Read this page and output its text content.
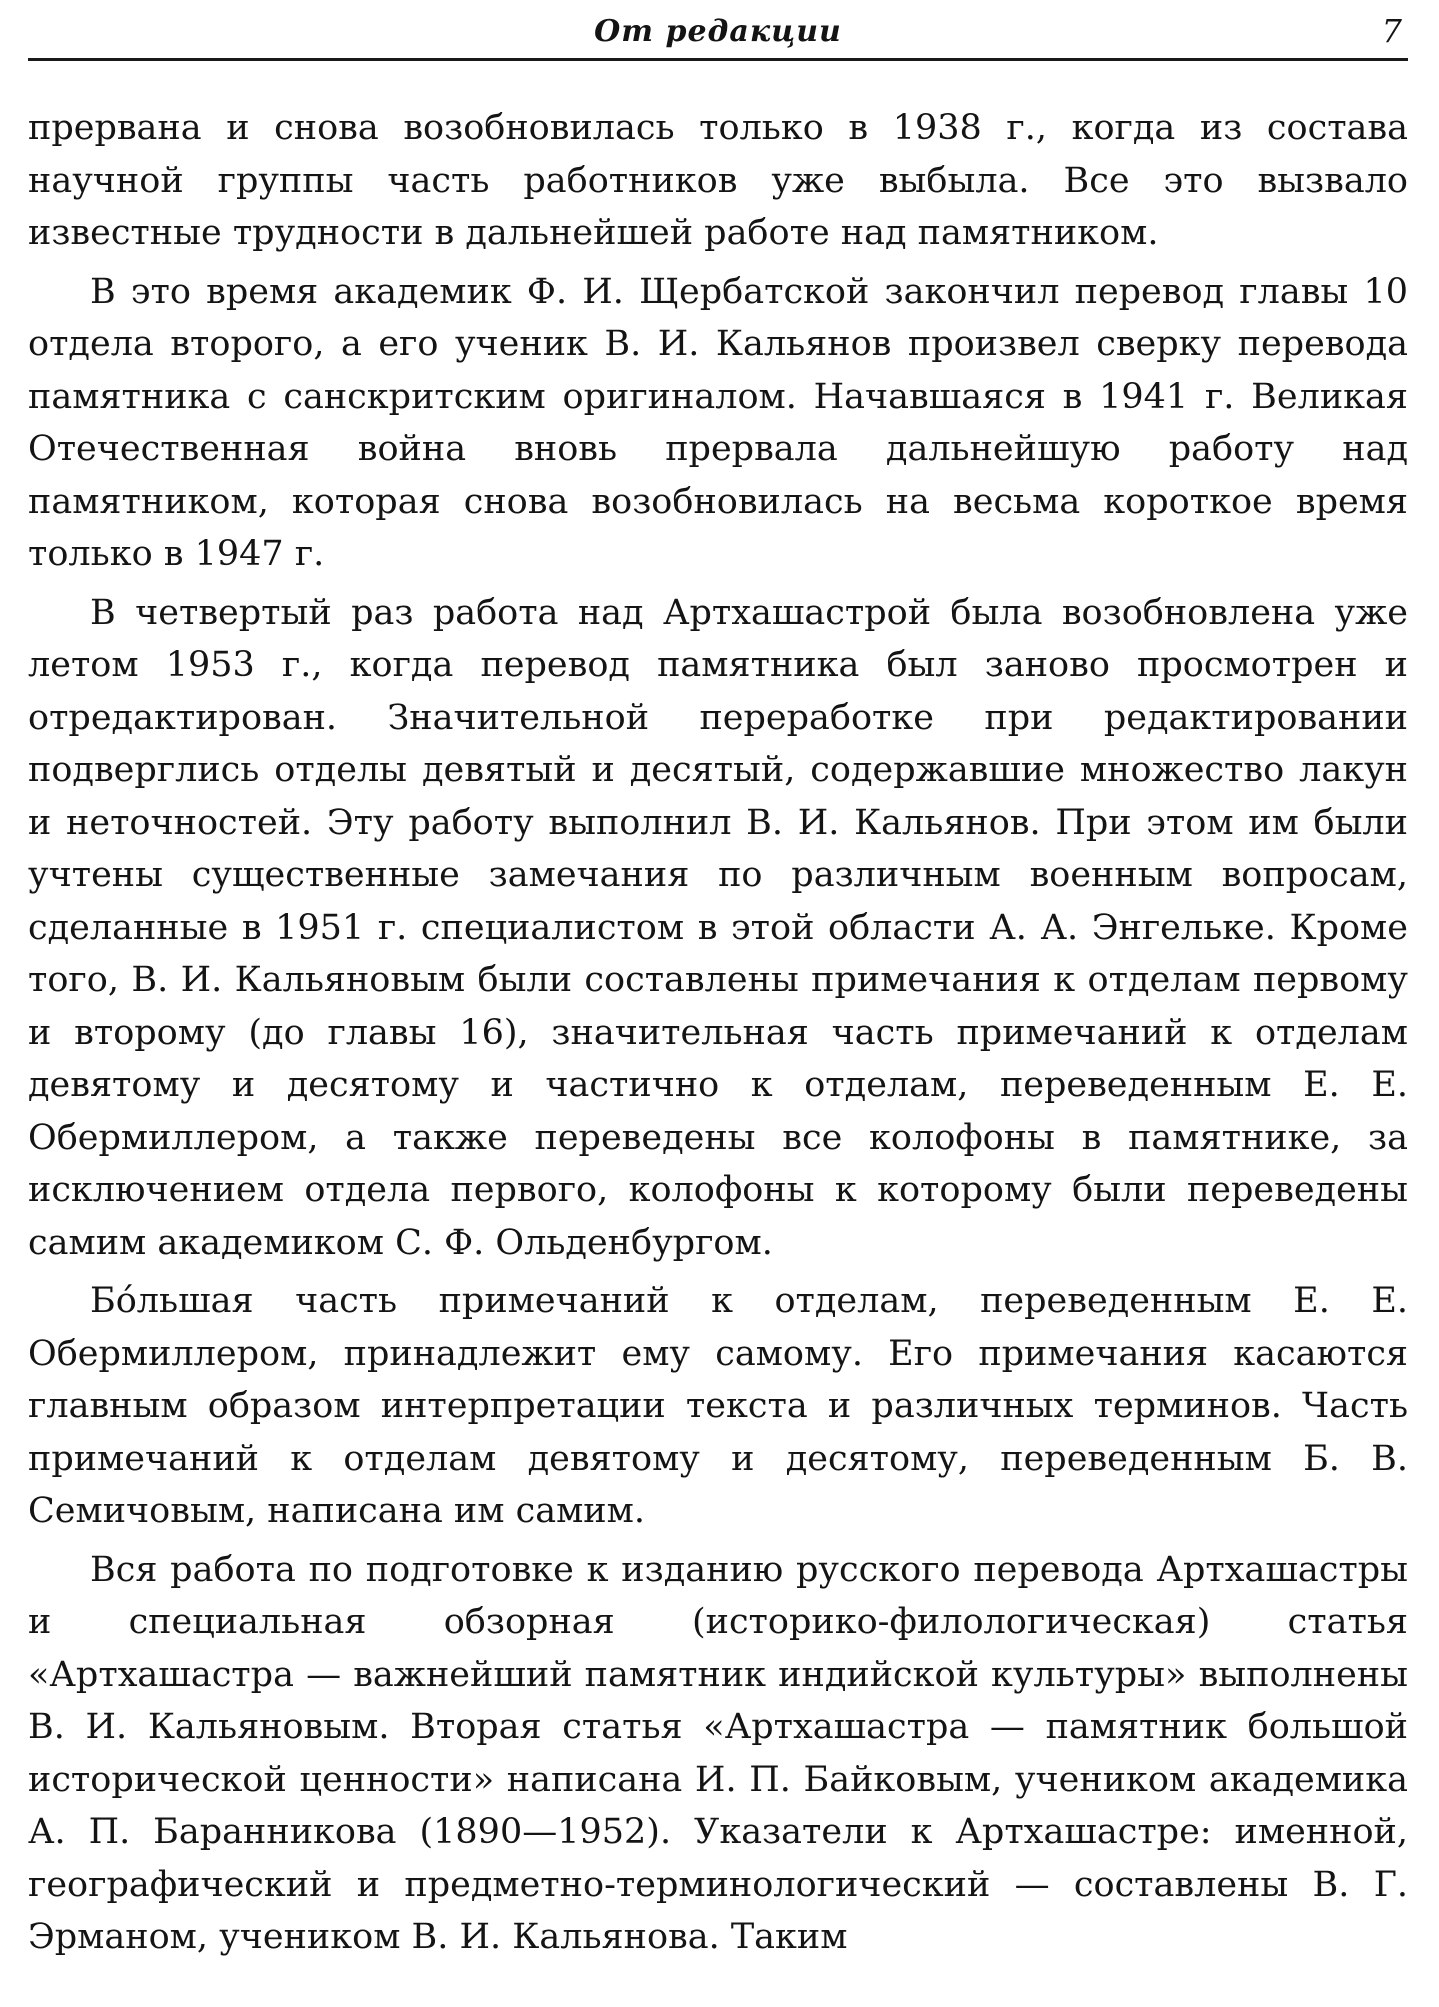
От редакции	7

прервана и снова возобновилась только в 1938 г., когда из состава научной группы часть работников уже выбыла. Все это вызвало известные трудности в дальнейшей работе над памятником.

В это время академик Ф. И. Щербатской закончил перевод главы 10 отдела второго, а его ученик В. И. Кальянов произвел сверку перевода памятника с санскритским оригиналом. Начавшаяся в 1941 г. Великая Отечественная война вновь прервала дальнейшую работу над памятником, которая снова возобновилась на весьма короткое время только в 1947 г.

В четвертый раз работа над Артхашастрой была возобновлена уже летом 1953 г., когда перевод памятника был заново просмотрен и отредактирован. Значительной переработке при редактировании подверглись отделы девятый и десятый, содержавшие множество лакун и неточностей. Эту работу выполнил В. И. Кальянов. При этом им были учтены существенные замечания по различным военным вопросам, сделанные в 1951 г. специалистом в этой области А. А. Энгельке. Кроме того, В. И. Кальяновым были составлены примечания к отделам первому и второму (до главы 16), значительная часть примечаний к отделам девятому и десятому и частично к отделам, переведенным Е. Е. Обермиллером, а также переведены все колофоны в памятнике, за исключением отдела первого, колофоны к которому были переведены самим академиком С. Ф. Ольденбургом.

Бóльшая часть примечаний к отделам, переведенным Е. Е. Обермиллером, принадлежит ему самому. Его примечания касаются главным образом интерпретации текста и различных терминов. Часть примечаний к отделам девятому и десятому, переведенным Б. В. Семичовым, написана им самим.

Вся работа по подготовке к изданию русского перевода Артхашастры и специальная обзорная (историко-филологическая) статья «Артхашастра — важнейший памятник индийской культуры» выполнены В. И. Кальяновым. Вторая статья «Артхашастра — памятник большой исторической ценности» написана И. П. Байковым, учеником академика А. П. Баранникова (1890—1952). Указатели к Артхашастре: именной, географический и предметно-терминологический — составлены В. Г. Эрманом, учеником В. И. Кальянова. Таким
